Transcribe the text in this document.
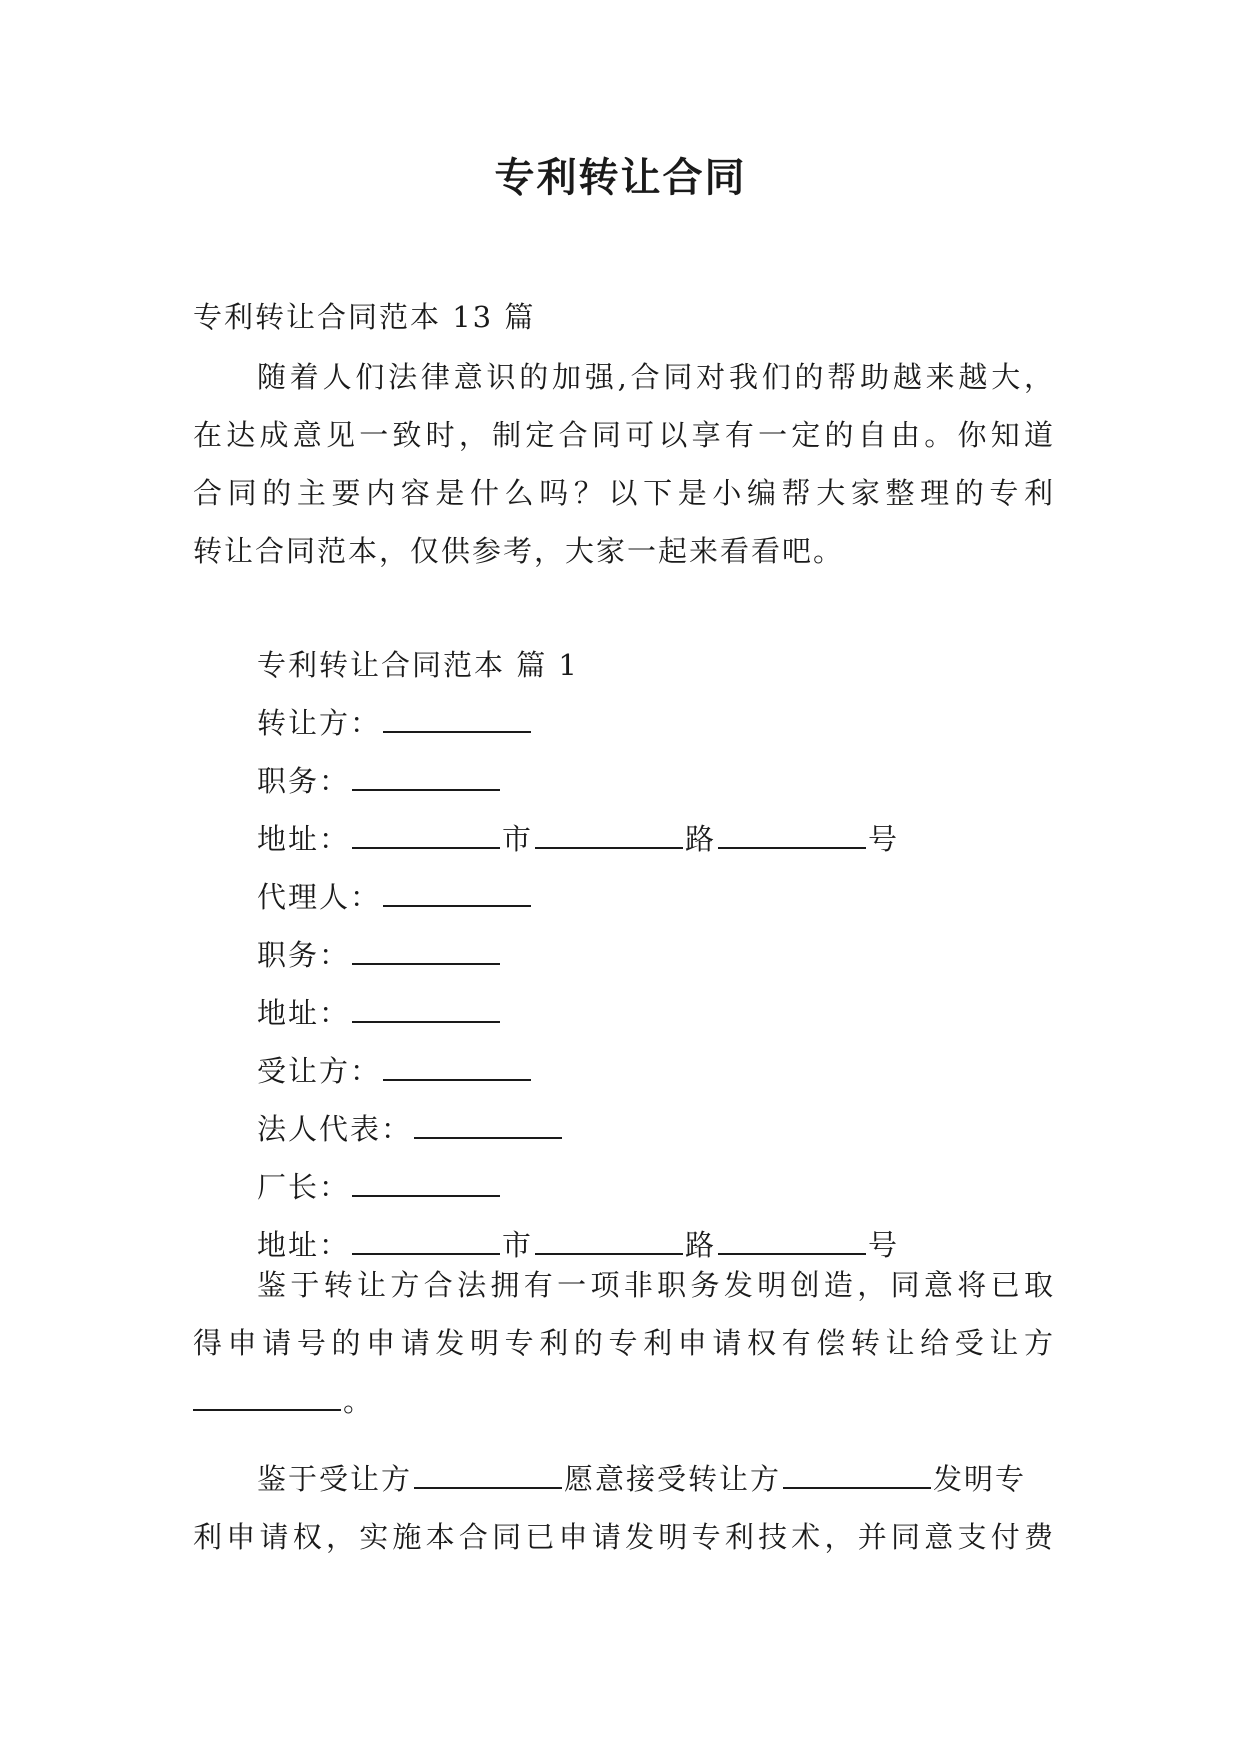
专利转让合同
专利转让合同范本 13 篇
随着人们法律意识的加强,合同对我们的帮助越来越大，
在达成意见一致时，制定合同可以享有一定的自由。你知道
合同的主要内容是什么吗？以下是小编帮大家整理的专利
转让合同范本，仅供参考，大家一起来看看吧。
专利转让合同范本 篇 1
转让方：
职务：
地址：	市	路	号
代理人：
职务：
地址：
受让方：
法人代表：
厂长：
地址：	市	路	号
鉴于转让方合法拥有一项非职务发明创造，同意将已取
得申请号的申请发明专利的专利申请权有偿转让给受让方
。
鉴于受让方	愿意接受转让方	发明专
利申请权，实施本合同已申请发明专利技术，并同意支付费
